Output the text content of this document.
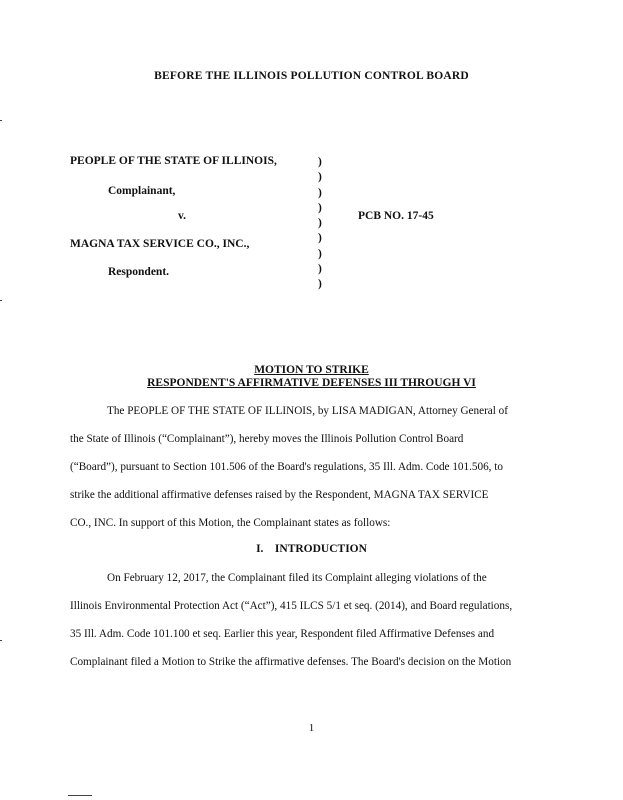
BEFORE THE ILLINOIS POLLUTION CONTROL BOARD
PEOPLE OF THE STATE OF ILLINOIS,
Complainant,
v.	PCB NO. 17-45
MAGNA TAX SERVICE CO., INC.,
Respondent.
)
)
)
)
)
)
)
)
)
MOTION TO STRIKE
RESPONDENT'S AFFIRMATIVE DEFENSES III THROUGH VI
The PEOPLE OF THE STATE OF ILLINOIS, by LISA MADIGAN, Attorney General of
the State of Illinois (“Complainant”), hereby moves the Illinois Pollution Control Board
(“Board”), pursuant to Section 101.506 of the Board's regulations, 35 Ill. Adm. Code 101.506, to
strike the additional affirmative defenses raised by the Respondent, MAGNA TAX SERVICE
CO., INC. In support of this Motion, the Complainant states as follows:
I.    INTRODUCTION
On February 12, 2017, the Complainant filed its Complaint alleging violations of the
Illinois Environmental Protection Act (“Act”), 415 ILCS 5/1 et seq. (2014), and Board regulations,
35 Ill. Adm. Code 101.100 et seq. Earlier this year, Respondent filed Affirmative Defenses and
Complainant filed a Motion to Strike the affirmative defenses. The Board's decision on the Motion
1
